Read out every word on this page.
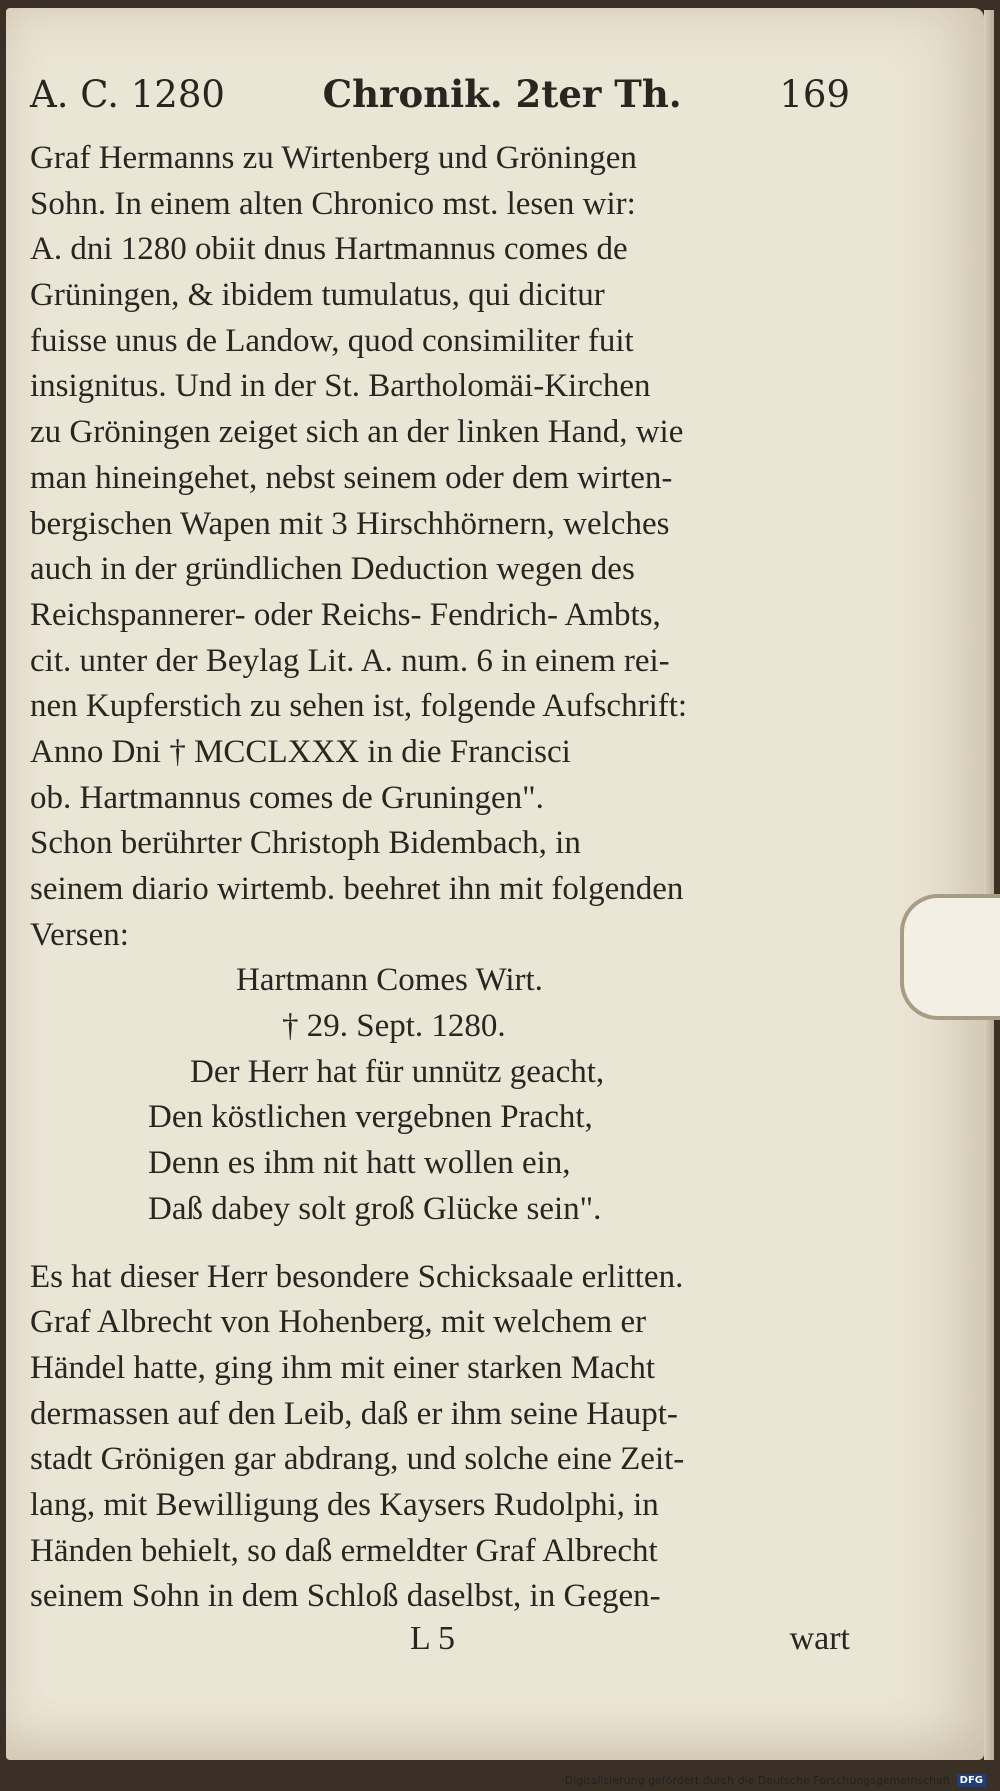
A. C. 1280	Chronik. 2ter Th.	169
Graf Hermanns zu Wirtenberg und Gröningen
Sohn. In einem alten Chronico mst. lesen wir:
A. dni 1280 obiit dnus Hartmannus comes de
Grüningen, & ibidem tumulatus, qui dicitur
fuisse unus de Landow, quod consimiliter fuit
insignitus. Und in der St. Bartholomäi-Kirchen
zu Gröningen zeiget sich an der linken Hand, wie
man hineingehet, nebst seinem oder dem wirten-
bergischen Wapen mit 3 Hirschhörnern, welches
auch in der gründlichen Deduction wegen des
Reichspannerer- oder Reichs- Fendrich- Ambts,
cit. unter der Beylag Lit. A. num. 6 in einem rei-
nen Kupferstich zu sehen ist, folgende Aufschrift:
Anno Dni † MCCLXXX in die Francisci
ob. Hartmannus comes de Gruningen".
Schon berührter Christoph Bidembach, in
seinem diario wirtemb. beehret ihn mit folgenden
Versen:
Hartmann Comes Wirt.
† 29. Sept. 1280.
Der Herr hat für unnütz geacht,
Den köstlichen vergebnen Pracht,
Denn es ihm nit hatt wollen ein,
Daß dabey solt groß Glücke sein".
Es hat dieser Herr besondere Schicksaale erlitten.
Graf Albrecht von Hohenberg, mit welchem er
Händel hatte, ging ihm mit einer starken Macht
dermassen auf den Leib, daß er ihm seine Haupt-
stadt Grönigen gar abdrang, und solche eine Zeit-
lang, mit Bewilligung des Kaysers Rudolphi, in
Händen behielt, so daß ermeldter Graf Albrecht
seinem Sohn in dem Schloß daselbst, in Gegen-
L 5	wart
Digitalisierung gefördert durch die Deutsche Forschungsgemeinschaft DFG
